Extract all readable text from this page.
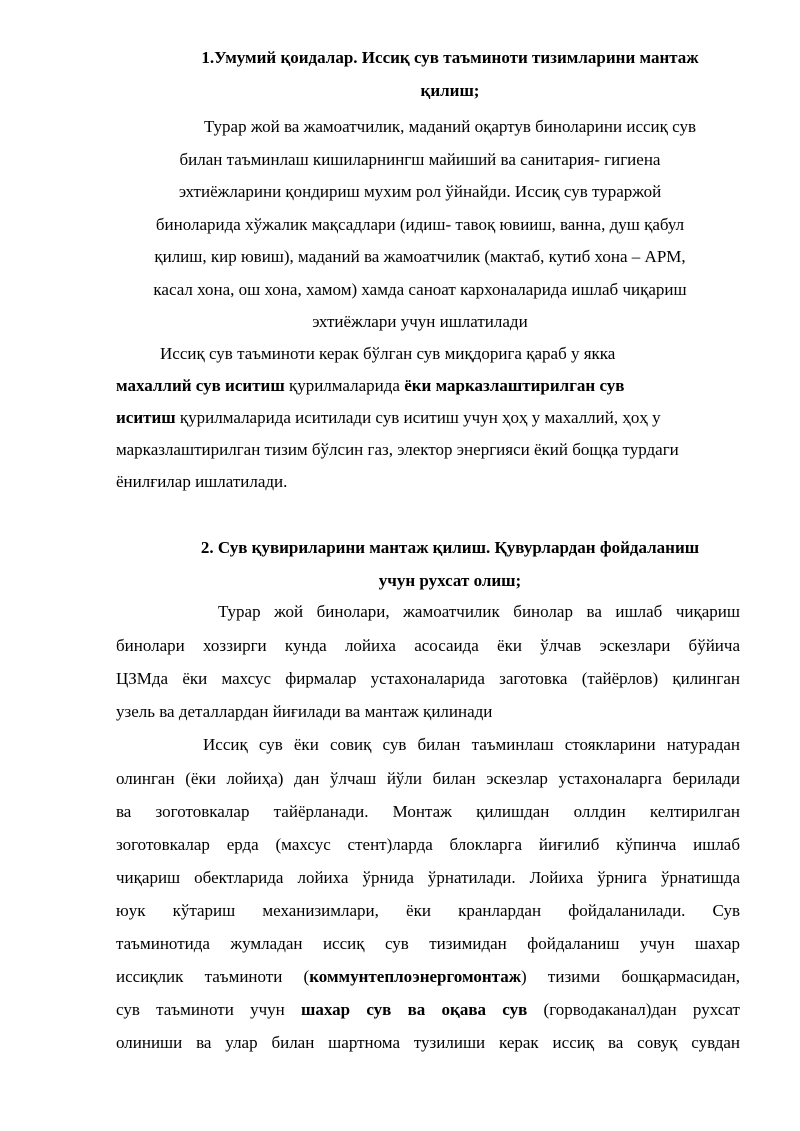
1.Умумий қоидалар. Иссиқ сув таъминоти тизимларини мантаж
қилиш;
Турар жой ва жамоатчилик, маданий оқартув биноларини иссиқ сув
билан таъминлаш кишиларнингш майиший ва санитария- гигиена
эхтиёжларини қондириш мухим рол ўйнайди. Иссиқ сув тураржой
биноларида хўжалик мақсадлари (идиш- тавоқ ювииш, ванна, душ қабул
қилиш, кир ювиш), маданий ва жамоатчилик (мактаб, кутиб хона – АРМ,
касал хона, ош хона, хамом) хамда саноат кархоналарида ишлаб чиқариш
эхтиёжлари учун ишлатилади
Иссиқ сув таъминоти керак бўлган сув миқдорига қараб у якка
махаллий сув иситиш қурилмаларида ёки марказлаштирилган сув
иситиш қурилмаларида иситилади сув иситиш учун ҳоҳ у махаллий, ҳоҳ у
марказлаштирилган тизим бўлсин газ, электор энергияси ёкий бощқа турдаги
ёнилғилар ишлатилади.
2. Сув қувириларини мантаж қилиш. Қувурлардан фойдаланиш
учун рухсат олиш;
Турар жой бинолари, жамоатчилик бинолар ва ишлаб чиқариш
бинолари хоззирги кунда лойиха асосаида ёки ўлчав эскезлари бўйича
ЦЗМда ёки махсус фирмалар устахоналарида заготовка (тайёрлов) қилинган
узель ва деталлардан йиғилади ва мантаж қилинади
Иссиқ сув ёки совиқ сув билан таъминлаш стоякларини натурадан
олинган (ёки лойиҳа) дан ўлчаш йўли билан эскезлар устахоналарга берилади
ва зоготовкалар тайёрланади. Монтаж қилишдан оллдин келтирилган
зоготовкалар ерда (махсус стент)ларда блокларга йиғилиб кўпинча ишлаб
чиқариш обектларида лойиха ўрнида ўрнатилади. Лойиха ўрнига ўрнатишда
юук кўтариш механизимлари, ёки кранлардан фойдаланилади. Сув
таъминотида жумладан иссиқ сув тизимидан фойдаланиш учун шахар
иссиқлик таъминоти (коммунтеплоэнергомонтаж) тизими бошқармасидан,
сув таъминоти учун шахар сув ва оқава сув (горводаканал)дан рухсат
олиниши ва улар билан шартнома тузилиши керак иссиқ ва совуқ сувдан
